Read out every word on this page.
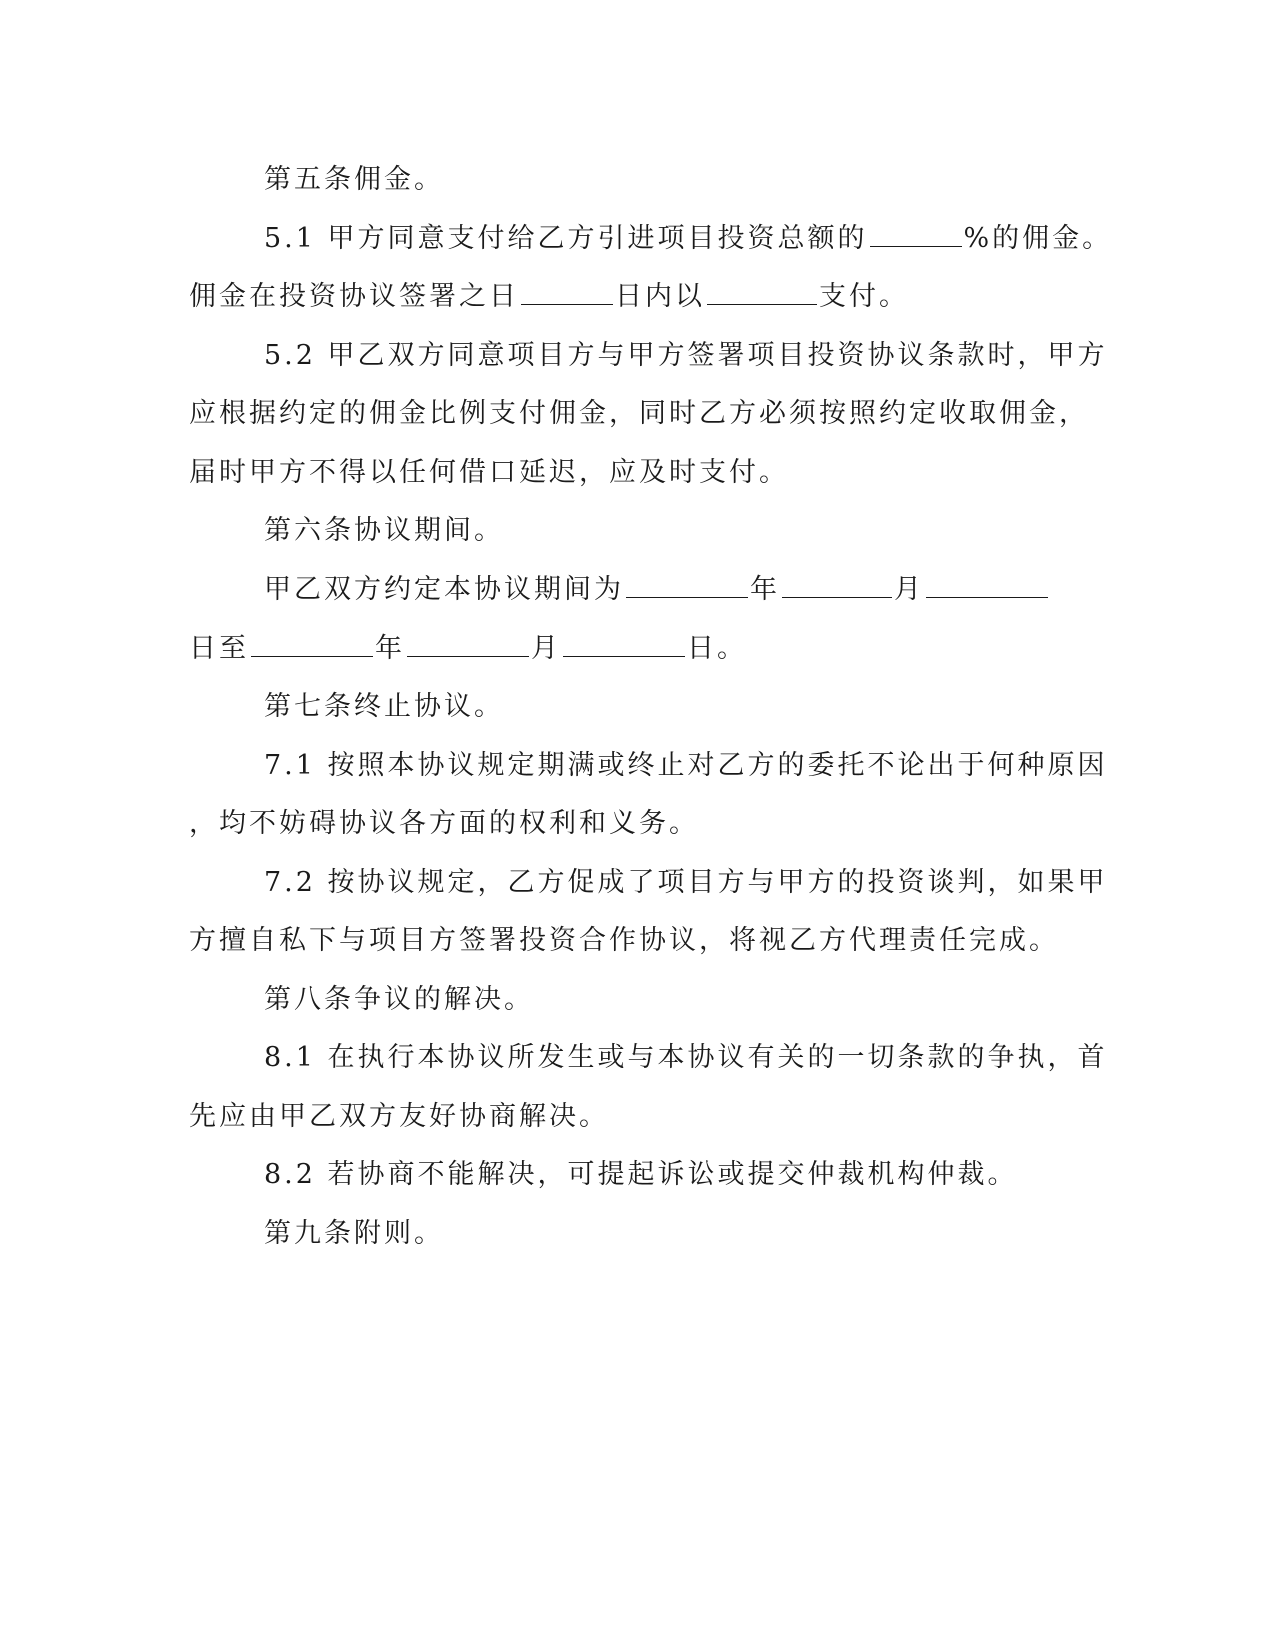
第五条佣金。
5.1 甲方同意支付给乙方引进项目投资总额的	%的佣金。
佣金在投资协议签署之日	日内以	支付。
5.2 甲乙双方同意项目方与甲方签署项目投资协议条款时，甲方
应根据约定的佣金比例支付佣金，同时乙方必须按照约定收取佣金，
届时甲方不得以任何借口延迟，应及时支付。
第六条协议期间。
甲乙双方约定本协议期间为	年	月
日至	年	月	日。
第七条终止协议。
7.1 按照本协议规定期满或终止对乙方的委托不论出于何种原因
，均不妨碍协议各方面的权利和义务。
7.2 按协议规定，乙方促成了项目方与甲方的投资谈判，如果甲
方擅自私下与项目方签署投资合作协议，将视乙方代理责任完成。
第八条争议的解决。
8.1 在执行本协议所发生或与本协议有关的一切条款的争执，首
先应由甲乙双方友好协商解决。
8.2 若协商不能解决，可提起诉讼或提交仲裁机构仲裁。
第九条附则。
